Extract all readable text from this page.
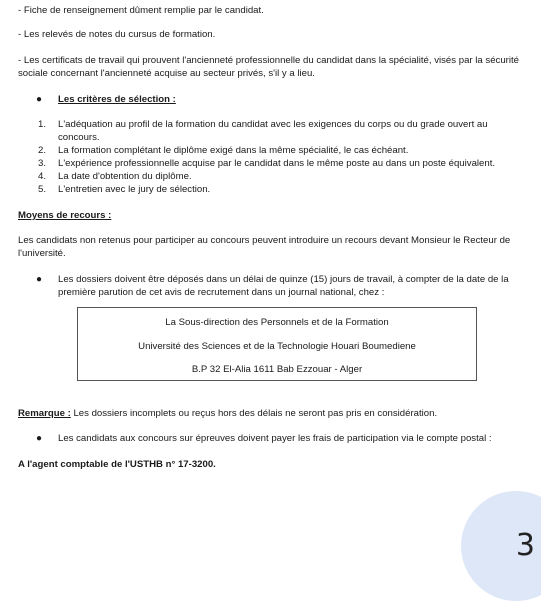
- Fiche de renseignement dûment remplie par le candidat.

- Les relevés de notes du cursus de formation.

- Les certificats de travail qui prouvent l'ancienneté professionnelle du candidat dans la spécialité, visés par la sécurité sociale concernant l'ancienneté acquise au secteur privés, s'il y a lieu.

● Les critères de sélection :
1.	L'adéquation au profil de la formation du candidat avec les exigences du corps ou du grade ouvert au concours.
2.	La formation complétant le diplôme exigé dans la même spécialité, le cas échéant.
3.	L'expérience professionnelle acquise par le candidat dans le même poste au dans un poste équivalent.
4.	La date d'obtention du diplôme.
5.	L'entretien avec le jury de sélection.

Moyens de recours :

Les candidats non retenus pour participer au concours peuvent introduire un recours devant Monsieur le Recteur de l'université.

● Les dossiers doivent être déposés dans un délai de quinze (15) jours de travail, à compter de la date de la première parution de cet avis de recrutement dans un journal national, chez :
La Sous-direction des Personnels et de la Formation
Université des Sciences et de la Technologie Houari Boumediene
B.P 32 El-Alia 1611 Bab Ezzouar - Alger

Remarque : Les dossiers incomplets ou reçus hors des délais ne seront pas pris en considération.

● Les candidats aux concours sur épreuves doivent payer les frais de participation via le compte postal :

A l'agent comptable de l'USTHB n° 17-3200.

3
